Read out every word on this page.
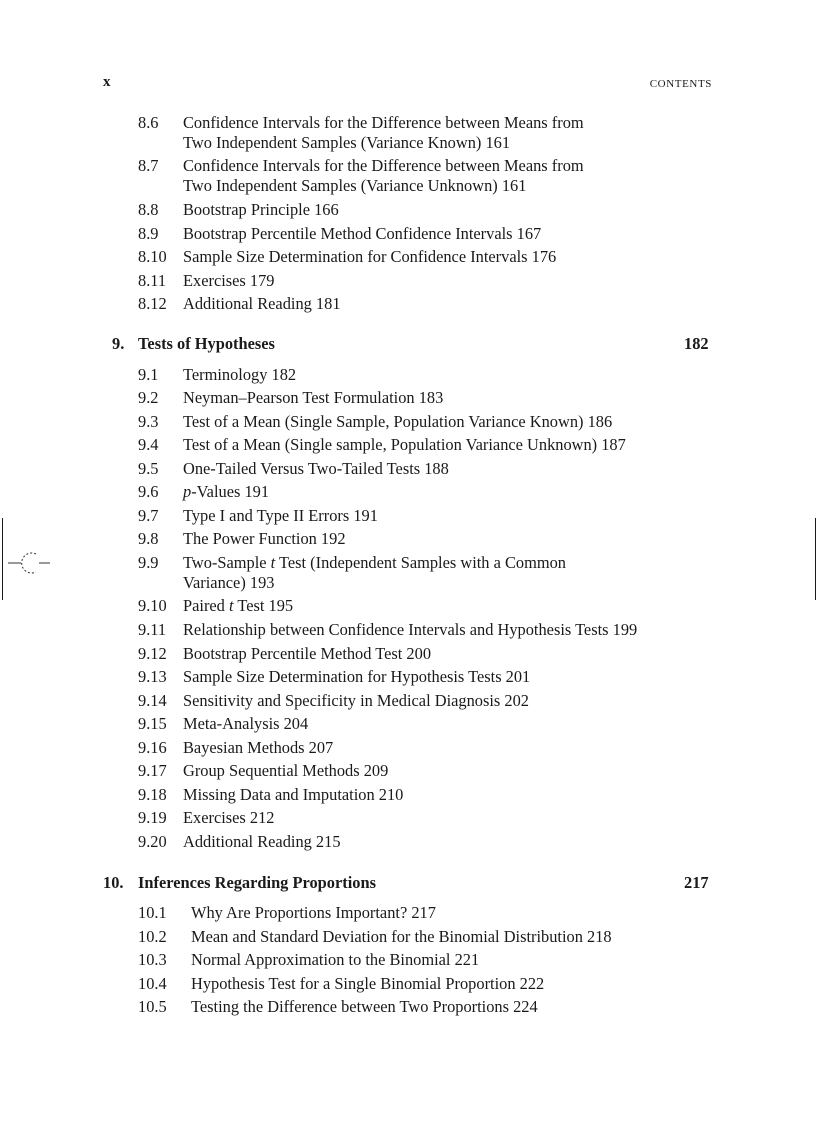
x	CONTENTS
8.6 Confidence Intervals for the Difference between Means from
Two Independent Samples (Variance Known) 161
8.7 Confidence Intervals for the Difference between Means from
Two Independent Samples (Variance Unknown) 161
8.8 Bootstrap Principle 166
8.9 Bootstrap Percentile Method Confidence Intervals 167
8.10 Sample Size Determination for Confidence Intervals 176
8.11 Exercises 179
8.12 Additional Reading 181
9. Tests of Hypotheses	182
9.1 Terminology 182
9.2 Neyman–Pearson Test Formulation 183
9.3 Test of a Mean (Single Sample, Population Variance Known) 186
9.4 Test of a Mean (Single sample, Population Variance Unknown) 187
9.5 One-Tailed Versus Two-Tailed Tests 188
9.6 p-Values 191
9.7 Type I and Type II Errors 191
9.8 The Power Function 192
9.9 Two-Sample t Test (Independent Samples with a Common
Variance) 193
9.10 Paired t Test 195
9.11 Relationship between Confidence Intervals and Hypothesis Tests 199
9.12 Bootstrap Percentile Method Test 200
9.13 Sample Size Determination for Hypothesis Tests 201
9.14 Sensitivity and Specificity in Medical Diagnosis 202
9.15 Meta-Analysis 204
9.16 Bayesian Methods 207
9.17 Group Sequential Methods 209
9.18 Missing Data and Imputation 210
9.19 Exercises 212
9.20 Additional Reading 215
10. Inferences Regarding Proportions	217
10.1 Why Are Proportions Important? 217
10.2 Mean and Standard Deviation for the Binomial Distribution 218
10.3 Normal Approximation to the Binomial 221
10.4 Hypothesis Test for a Single Binomial Proportion 222
10.5 Testing the Difference between Two Proportions 224
